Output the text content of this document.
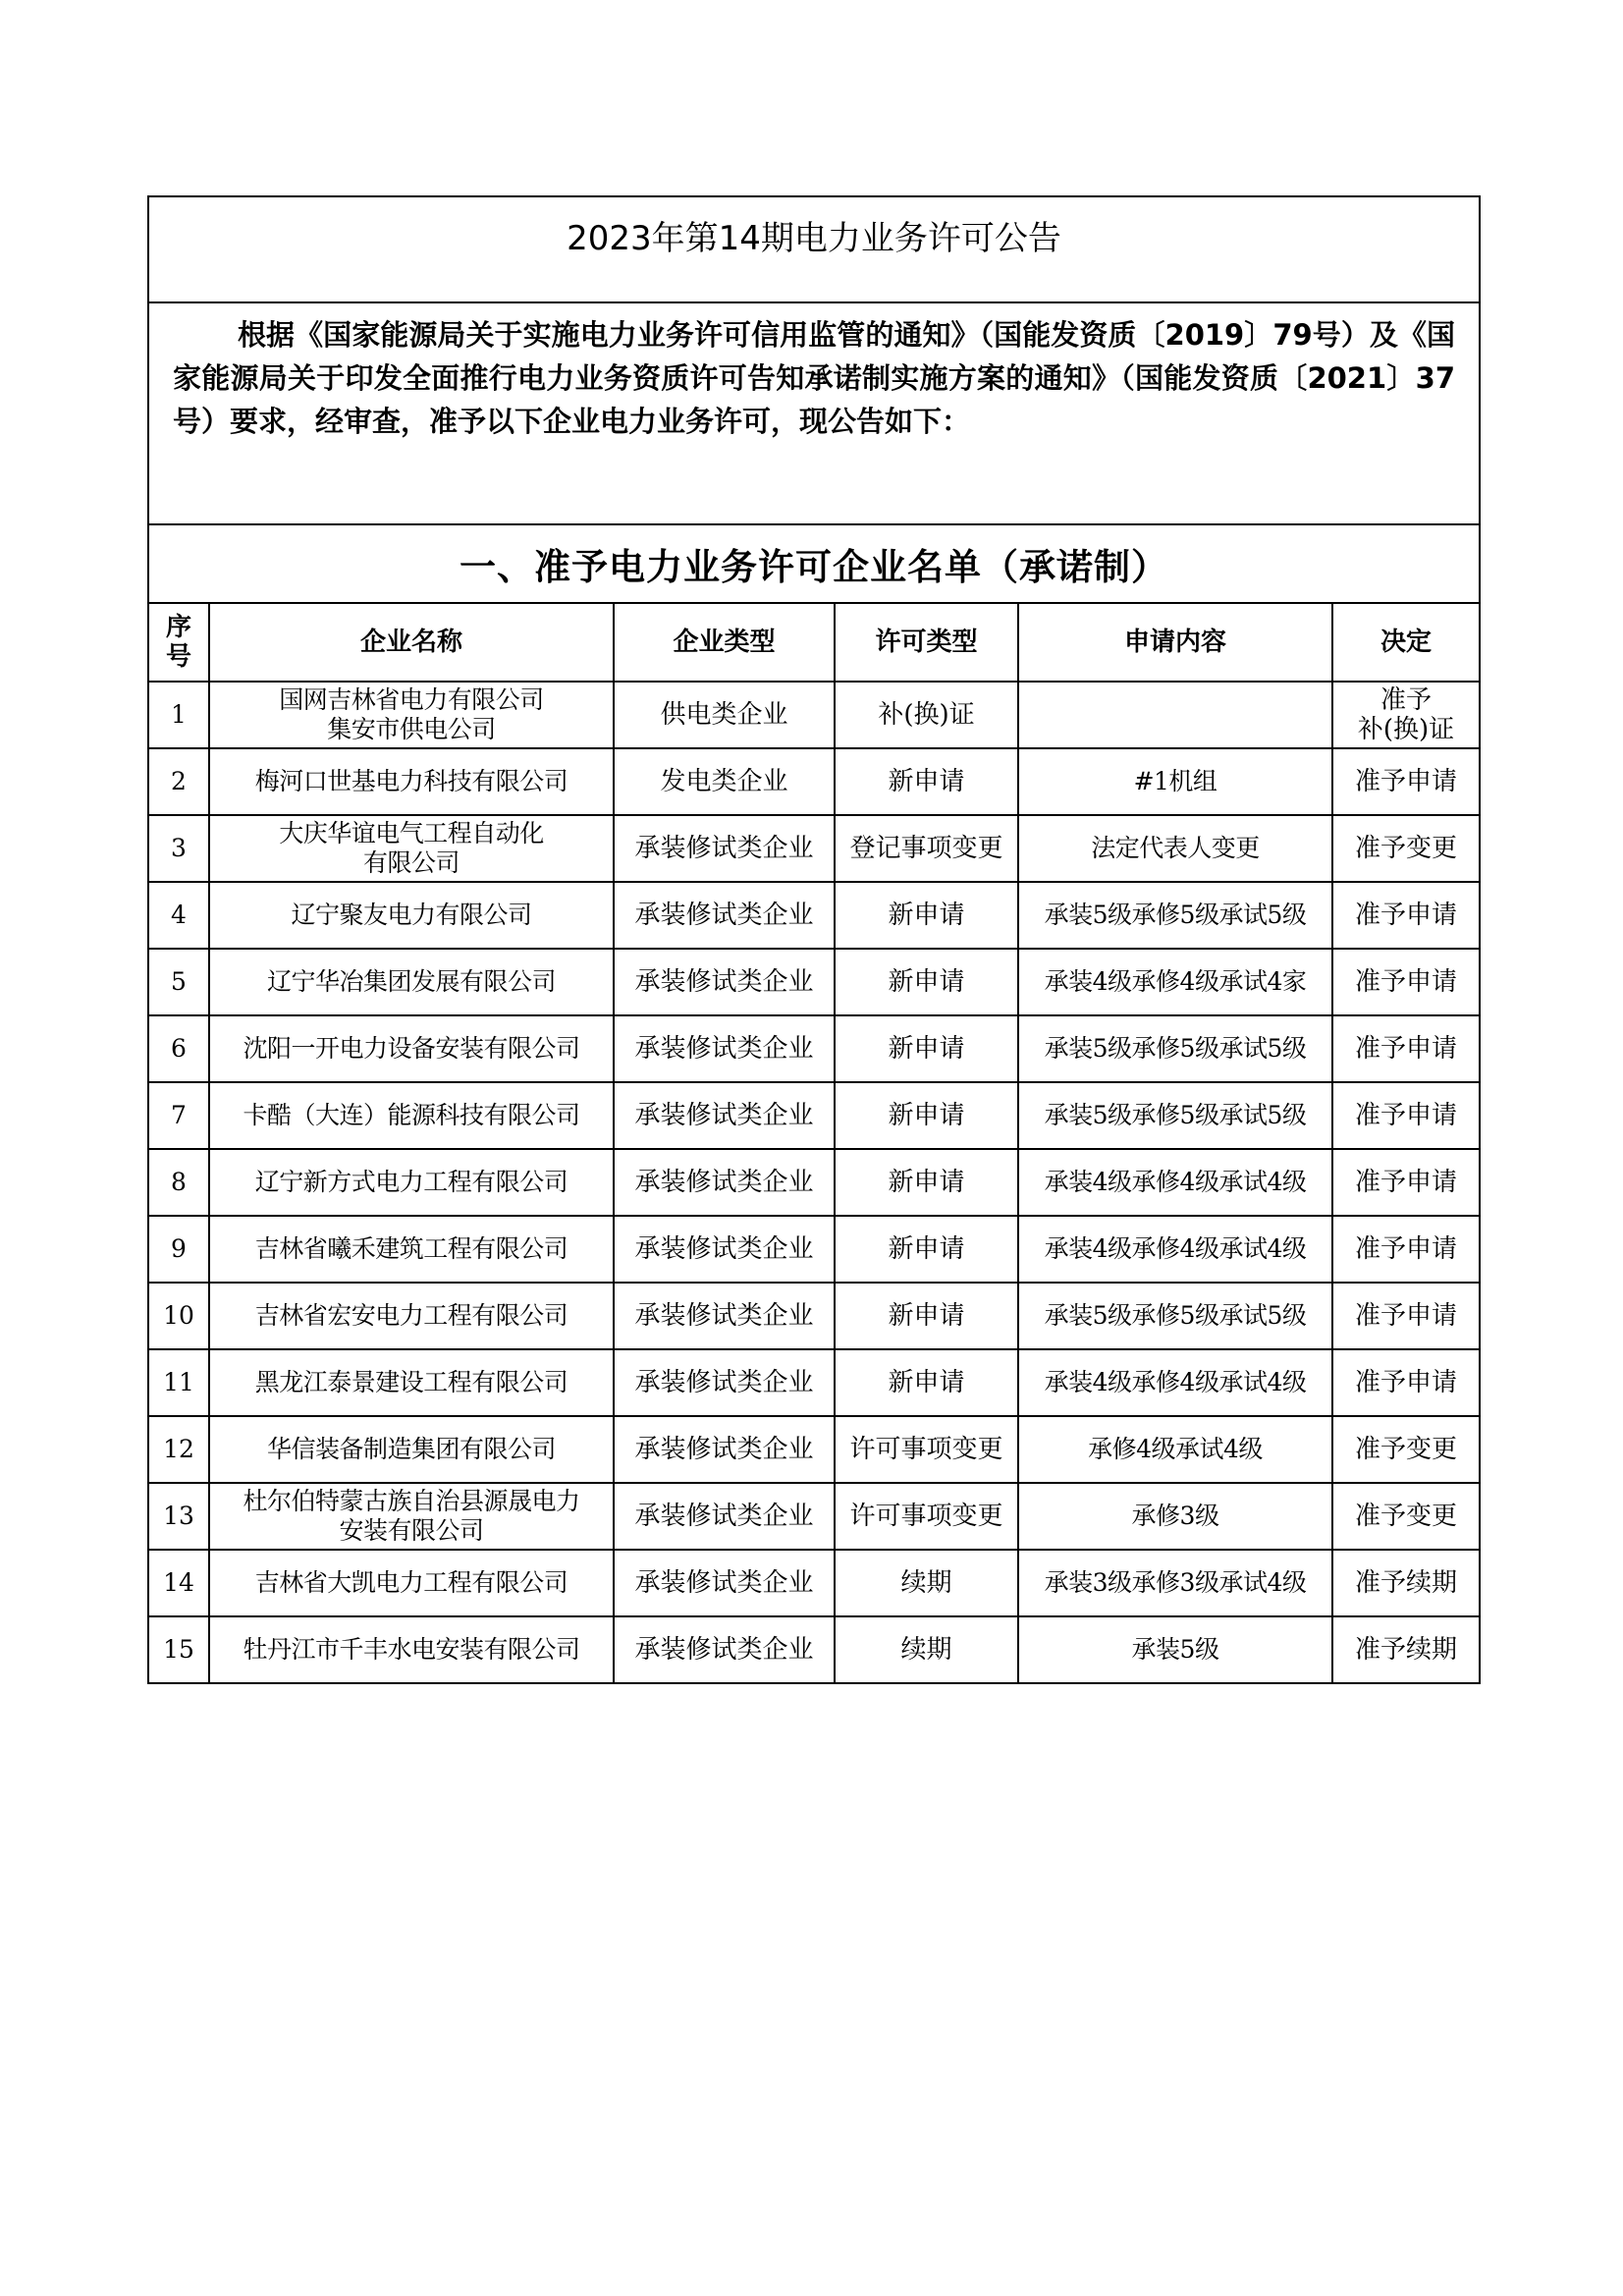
2023年第14期电力业务许可公告					

根据《国家能源局关于实施电力业务许可信用监管的通知》（国能发资质〔2019〕79号）及《国家能源局关于印发全面推行电力业务资质许可告知承诺制实施方案的通知》（国能发资质〔2021〕37号）要求，经审查，准予以下企业电力业务许可，现公告如下：					

一、准予电力业务许可企业名单（承诺制）					

序
号	企业名称	企业类型	许可类型	申请内容	决定
1	国网吉林省电力有限公司
集安市供电公司	供电类企业	补(换)证		准予
补(换)证

2	梅河口世基电力科技有限公司	发电类企业	新申请	#1机组	准予申请

3	大庆华谊电气工程自动化
有限公司	承装修试类企业	登记事项变更	法定代表人变更	准予变更

4	辽宁聚友电力有限公司	承装修试类企业	新申请	承装5级承修5级承试5级	准予申请

5	辽宁华冶集团发展有限公司	承装修试类企业	新申请	承装4级承修4级承试4家	准予申请

6	沈阳一开电力设备安装有限公司	承装修试类企业	新申请	承装5级承修5级承试5级	准予申请

7	卡酷（大连）能源科技有限公司	承装修试类企业	新申请	承装5级承修5级承试5级	准予申请

8	辽宁新方式电力工程有限公司	承装修试类企业	新申请	承装4级承修4级承试4级	准予申请

9	吉林省曦禾建筑工程有限公司	承装修试类企业	新申请	承装4级承修4级承试4级	准予申请

10	吉林省宏安电力工程有限公司	承装修试类企业	新申请	承装5级承修5级承试5级	准予申请

11	黑龙江泰景建设工程有限公司	承装修试类企业	新申请	承装4级承修4级承试4级	准予申请

12	华信装备制造集团有限公司	承装修试类企业	许可事项变更	承修4级承试4级	准予变更

13	杜尔伯特蒙古族自治县源晟电力
安装有限公司	承装修试类企业	许可事项变更	承修3级	准予变更

14	吉林省大凯电力工程有限公司	承装修试类企业	续期	承装3级承修3级承试4级	准予续期

15	牡丹江市千丰水电安装有限公司	承装修试类企业	续期	承装5级	准予续期
